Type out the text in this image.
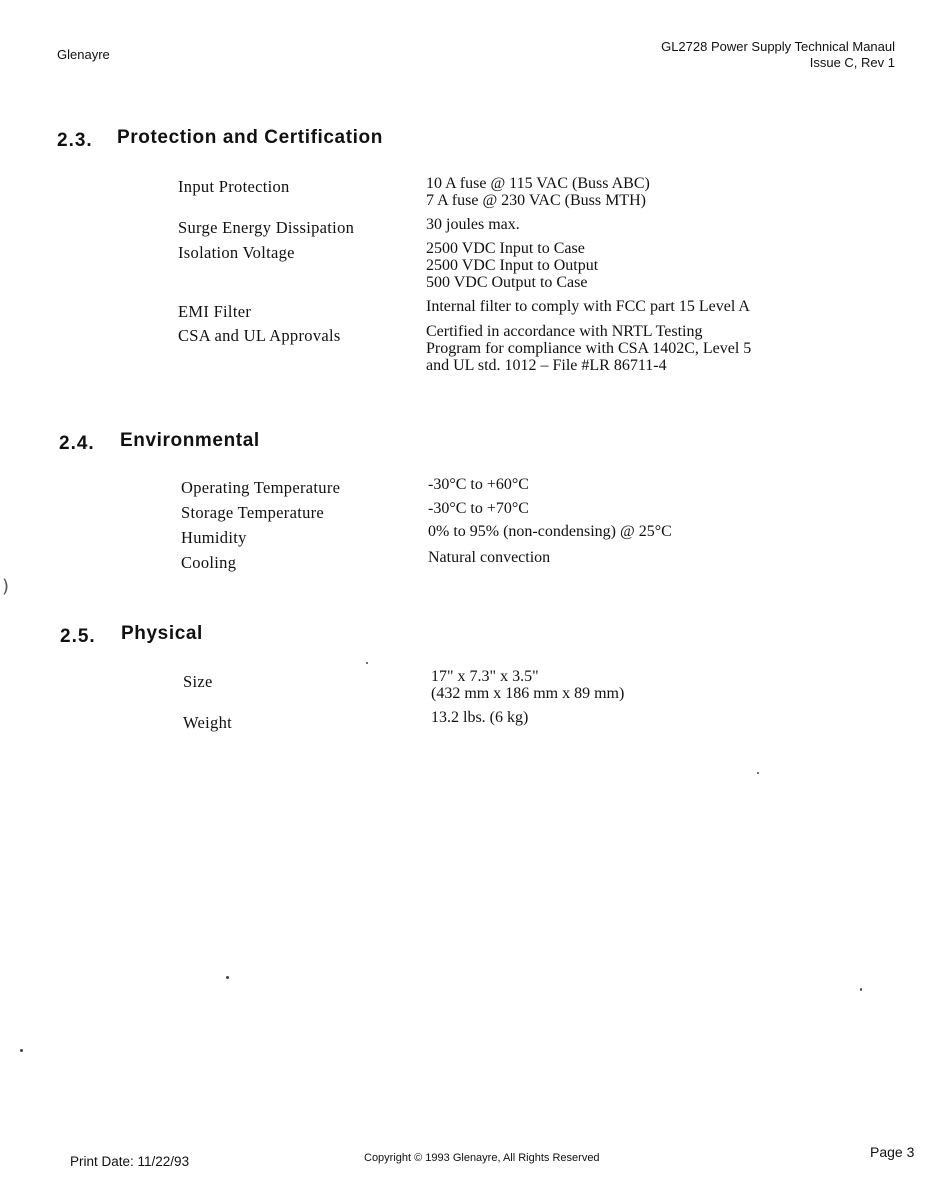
Glenayre
GL2728 Power Supply Technical Manaul
Issue C, Rev 1
2.3. Protection and Certification
Input Protection	10 A fuse @ 115 VAC (Buss ABC)
7 A fuse @ 230 VAC (Buss MTH)
Surge Energy Dissipation	30 joules max.
Isolation Voltage	2500 VDC Input to Case
2500 VDC Input to Output
500 VDC Output to Case
EMI Filter	Internal filter to comply with FCC part 15 Level A
CSA and UL Approvals	Certified in accordance with NRTL Testing
Program for compliance with CSA 1402C, Level 5
and UL std. 1012 – File #LR 86711-4
2.4. Environmental
Operating Temperature	-30°C to +60°C
Storage Temperature	-30°C to +70°C
Humidity	0% to 95% (non-condensing) @ 25°C
Cooling	Natural convection
2.5. Physical
Size	17" x 7.3" x 3.5"
(432 mm x 186 mm x 89 mm)
Weight	13.2 lbs. (6 kg)
Print Date: 11/22/93	Copyright © 1993 Glenayre, All Rights Reserved	Page 3
)
